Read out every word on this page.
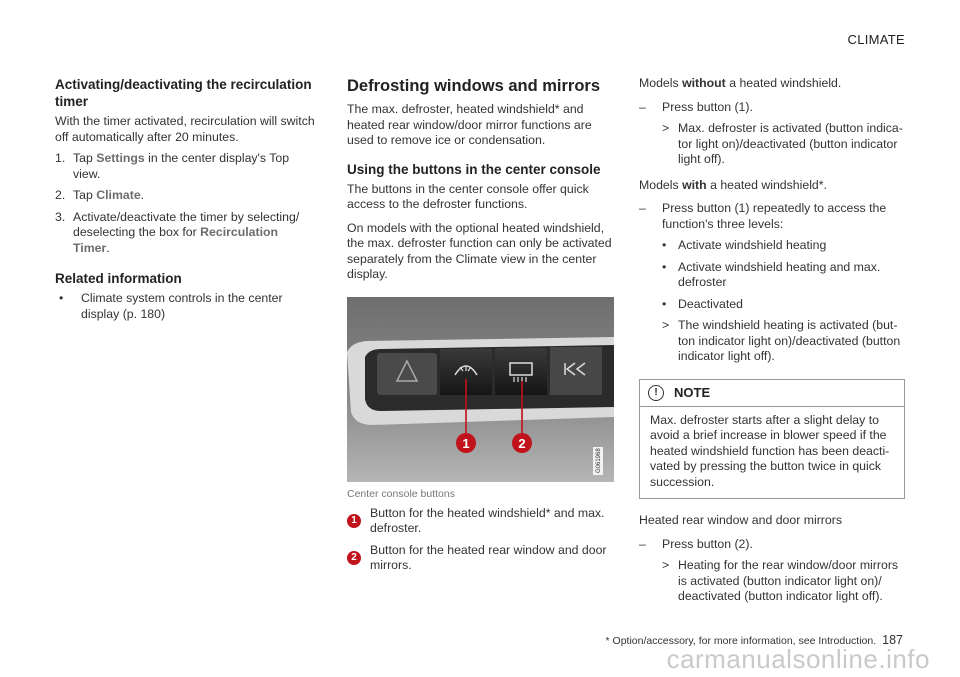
CLIMATE
Activating/deactivating the recirculation timer

With the timer activated, recirculation will switch off automatically after 20 minutes.

1. Tap Settings in the center display's Top view.
2. Tap Climate.
3. Activate/deactivate the timer by selecting/ deselecting the box for Recirculation Timer.
Related information
•	Climate system controls in the center display (p. 180)
Defrosting windows and mirrors

The max. defroster, heated windshield* and heated rear window/door mirror functions are used to remove ice or condensation.

Using the buttons in the center console

The buttons in the center console offer quick access to the defroster functions.

On models with the optional heated windshield, the max. defroster function can only be activated separately from the Climate view in the center display.

1	2
G061968
Center console buttons
1
Button for the heated windshield* and max. defroster.
2
Button for the heated rear window and door mirrors.

Models without a heated windshield.

–	Press button (1).
> Max. defroster is activated (button indica- tor light on)/deactivated (button indicator light off).

Models with a heated windshield*.

–	Press button (1) repeatedly to access the function's three levels:
• Activate windshield heating
• Activate windshield heating and max. defroster
• Deactivated
> The windshield heating is activated (but- ton indicator light on)/deactivated (button indicator light off).
!	NOTE
Max. defroster starts after a slight delay to avoid a brief increase in blower speed if the heated windshield function has been deacti- vated by pressing the button twice in quick succession.

Heated rear window and door mirrors

–	Press button (2).
> Heating for the rear window/door mirrors is activated (button indicator light on)/ deactivated (button indicator light off).
* Option/accessory, for more information, see Introduction. 187
carmanualsonline.info
